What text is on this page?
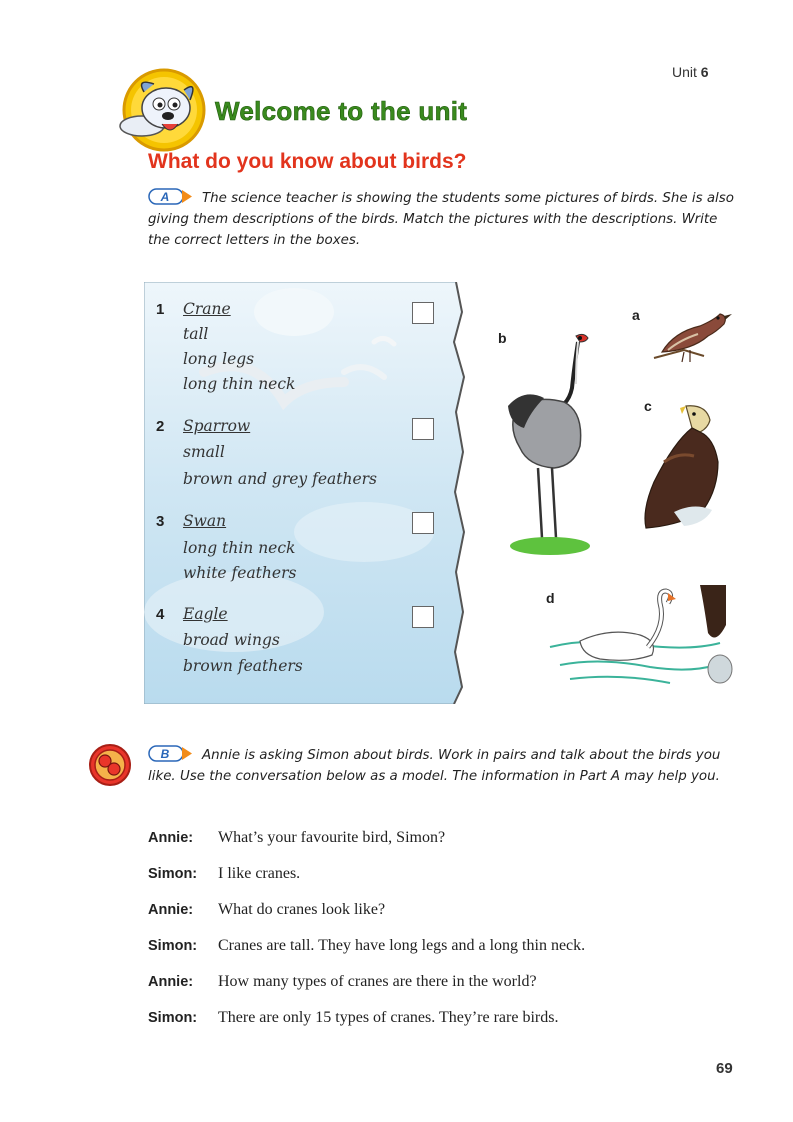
Unit 6
Welcome to the unit
What do you know about birds?
A The science teacher is showing the students some pictures of birds. She is also giving them descriptions of the birds. Match the pictures with the descriptions. Write the correct letters in the boxes.
1 Crane
tall
long legs
long thin neck
2 Sparrow
small
brown and grey feathers
3 Swan
long thin neck
white feathers
4 Eagle
broad wings
brown feathers
a
b
c
d
B Annie is asking Simon about birds. Work in pairs and talk about the birds you like. Use the conversation below as a model. The information in Part A may help you.
Annie: What’s your favourite bird, Simon?
Simon: I like cranes.
Annie: What do cranes look like?
Simon: Cranes are tall. They have long legs and a long thin neck.
Annie: How many types of cranes are there in the world?
Simon: There are only 15 types of cranes. They’re rare birds.
69
